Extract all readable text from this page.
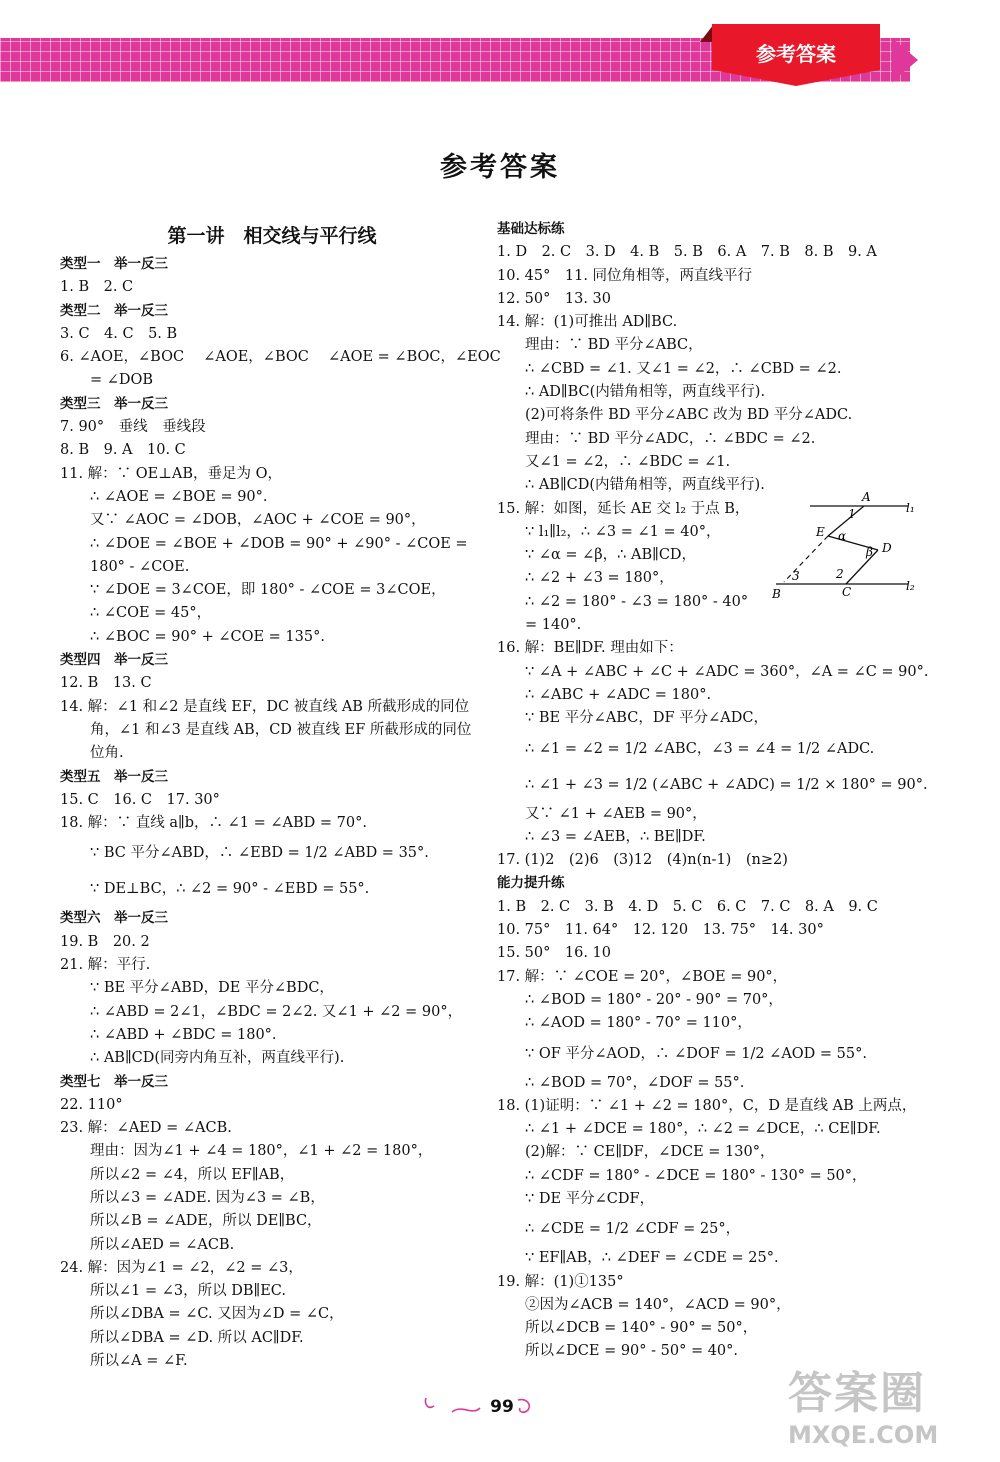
参考答案
参考答案

第一讲　相交线与平行线

类型一　举一反三

1. B　2. C

类型二　举一反三

3. C　4. C　5. B

6. ∠AOE，∠BOC　 ∠AOE，∠BOC　 ∠AOE = ∠BOC，∠EOC

= ∠DOB

类型三　举一反三

7. 90°　垂线　垂线段

8. B　9. A　10. C

11. 解：∵ OE⊥AB，垂足为 O，

∴ ∠AOE = ∠BOE = 90°.

又∵ ∠AOC = ∠DOB，∠AOC + ∠COE = 90°，

∴ ∠DOE = ∠BOE + ∠DOB = 90° + ∠90° - ∠COE =

180° - ∠COE.

∵ ∠DOE = 3∠COE，即 180° - ∠COE = 3∠COE，

∴ ∠COE = 45°，

∴ ∠BOC = 90° + ∠COE = 135°.

类型四　举一反三

12. B　13. C

14. 解：∠1 和∠2 是直线 EF，DC 被直线 AB 所截形成的同位

角，∠1 和∠3 是直线 AB，CD 被直线 EF 所截形成的同位

位角.

类型五　举一反三

15. C　16. C　17. 30°

18. 解：∵ 直线 a∥b，∴ ∠1 = ∠ABD = 70°.

∵ BC 平分∠ABD，∴ ∠EBD = 1/2 ∠ABD = 35°.

∵ DE⊥BC，∴ ∠2 = 90° - ∠EBD = 55°.

类型六　举一反三

19. B　20. 2

21. 解：平行.

∵ BE 平分∠ABD，DE 平分∠BDC，

∴ ∠ABD = 2∠1，∠BDC = 2∠2. 又∠1 + ∠2 = 90°，

∴ ∠ABD + ∠BDC = 180°.

∴ AB∥CD(同旁内角互补，两直线平行).

类型七　举一反三

22. 110°

23. 解：∠AED = ∠ACB.

理由：因为∠1 + ∠4 = 180°，∠1 + ∠2 = 180°，

所以∠2 = ∠4，所以 EF∥AB，

所以∠3 = ∠ADE. 因为∠3 = ∠B，

所以∠B = ∠ADE，所以 DE∥BC，

所以∠AED = ∠ACB.

24. 解：因为∠1 = ∠2，∠2 = ∠3，

所以∠1 = ∠3，所以 DB∥EC.

所以∠DBA = ∠C. 又因为∠D = ∠C，

所以∠DBA = ∠D. 所以 AC∥DF.

所以∠A = ∠F.

基础达标练

1. D　2. C　3. D　4. B　5. B　6. A　7. B　8. B　9. A

10. 45°　11. 同位角相等，两直线平行

12. 50°　13. 30

14. 解：(1)可推出 AD∥BC.

理由：∵ BD 平分∠ABC，

∴ ∠CBD = ∠1. 又∠1 = ∠2，∴ ∠CBD = ∠2.

∴ AD∥BC(内错角相等，两直线平行).

(2)可将条件 BD 平分∠ABC 改为 BD 平分∠ADC.

理由：∵ BD 平分∠ADC，∴ ∠BDC = ∠2.

又∠1 = ∠2，∴ ∠BDC = ∠1.

∴ AB∥CD(内错角相等，两直线平行).

15. 解：如图，延长 AE 交 l₂ 于点 B，

∵ l₁∥l₂，∴ ∠3 = ∠1 = 40°，

∵ ∠α = ∠β，∴ AB∥CD，

∴ ∠2 + ∠3 = 180°，

∴ ∠2 = 180° - ∠3 = 180° - 40°

= 140°.

16. 解：BE∥DF. 理由如下：

∵ ∠A + ∠ABC + ∠C + ∠ADC = 360°，∠A = ∠C = 90°.

∴ ∠ABC + ∠ADC = 180°.

∵ BE 平分∠ABC，DF 平分∠ADC，

∴ ∠1 = ∠2 = 1/2 ∠ABC，∠3 = ∠4 = 1/2 ∠ADC.

∴ ∠1 + ∠3 = 1/2 (∠ABC + ∠ADC) = 1/2 × 180° = 90°.

又∵ ∠1 + ∠AEB = 90°，

∴ ∠3 = ∠AEB，∴ BE∥DF.

17. (1)2　(2)6　(3)12　(4)n(n-1)　(n≥2)

能力提升练

1. B　2. C　3. B　4. D　5. C　6. C　7. C　8. A　9. C

10. 75°　11. 64°　12. 120　13. 75°　14. 30°

15. 50°　16. 10

17. 解：∵ ∠COE = 20°，∠BOE = 90°，

∴ ∠BOD = 180° - 20° - 90° = 70°，

∴ ∠AOD = 180° - 70° = 110°，

∵ OF 平分∠AOD，∴ ∠DOF = 1/2 ∠AOD = 55°.

∴ ∠BOD = 70°，∠DOF = 55°.

18. (1)证明：∵ ∠1 + ∠2 = 180°，C，D 是直线 AB 上两点，

∴ ∠1 + ∠DCE = 180°，∴ ∠2 = ∠DCE，∴ CE∥DF.

(2)解：∵ CE∥DF，∠DCE = 130°，

∴ ∠CDF = 180° - ∠DCE = 180° - 130° = 50°，

∵ DE 平分∠CDF，

∴ ∠CDE = 1/2 ∠CDF = 25°，

∵ EF∥AB，∴ ∠DEF = ∠CDE = 25°.

19. 解：(1)①135°

②因为∠ACB = 140°，∠ACD = 90°，

所以∠DCB = 140° - 90° = 50°，

所以∠DCE = 90° - 50° = 40°.

A
l₁
1
E α
β D
2
3
B	C	l₂
99	答案圈
MXQE.COM
